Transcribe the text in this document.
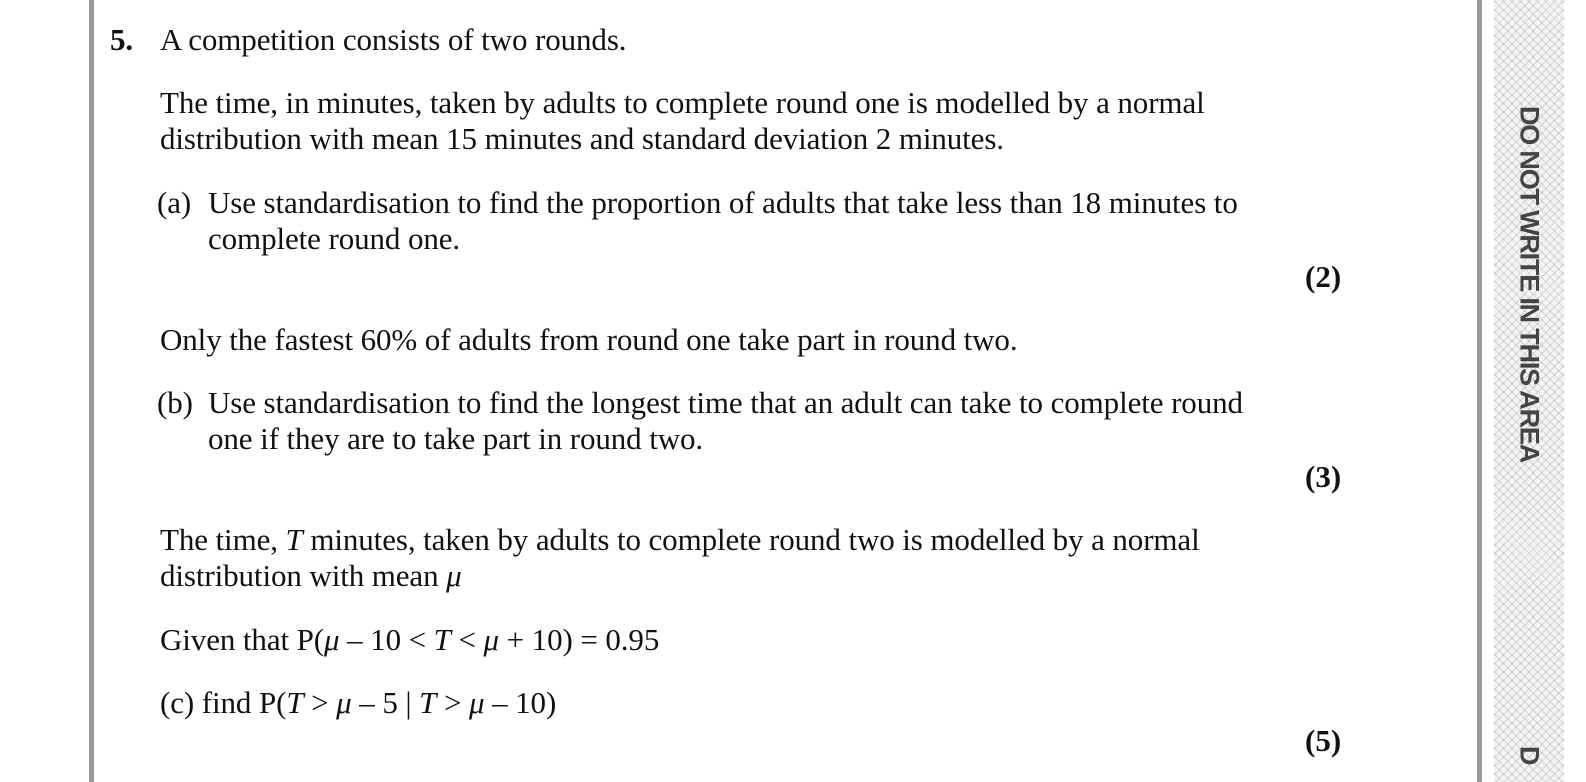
DO NOT WRITE IN THIS AREA
D
5. A competition consists of two rounds.
The time, in minutes, taken by adults to complete round one is modelled by a normal
distribution with mean 15 minutes and standard deviation 2 minutes.
(a) Use standardisation to find the proportion of adults that take less than 18 minutes to
complete round one.
(2)
Only the fastest 60% of adults from round one take part in round two.
(b) Use standardisation to find the longest time that an adult can take to complete round
one if they are to take part in round two.
(3)
The time, T minutes, taken by adults to complete round two is modelled by a normal
distribution with mean μ
Given that P(μ – 10 < T < μ + 10) = 0.95
(c) find P(T > μ – 5 | T > μ – 10)
(5)
